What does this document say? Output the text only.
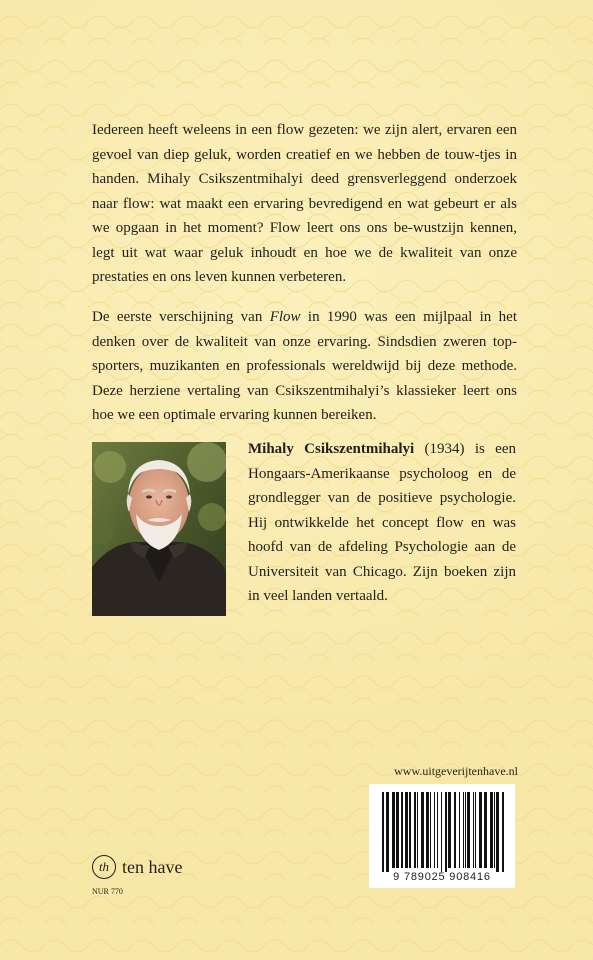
Iedereen heeft weleens in een flow gezeten: we zijn alert, ervaren een gevoel van diep geluk, worden creatief en we hebben de touw-tjes in handen. Mihaly Csikszentmihalyi deed grensverleggend onderzoek naar flow: wat maakt een ervaring bevredigend en wat gebeurt er als we opgaan in het moment? Flow leert ons ons be-wustzijn kennen, legt uit wat waar geluk inhoudt en hoe we de kwaliteit van onze prestaties en ons leven kunnen verbeteren.

De eerste verschijning van Flow in 1990 was een mijlpaal in het denken over de kwaliteit van onze ervaring. Sindsdien zweren top-sporters, muzikanten en professionals wereldwijd bij deze methode. Deze herziene vertaling van Csikszentmihalyi’s klassieker leert ons hoe we een optimale ervaring kunnen bereiken.

Mihaly Csikszentmihalyi (1934) is een
Hongaars-Amerikaanse psycholoog en de
grondlegger van de positieve psychologie.
Hij ontwikkelde het concept flow en was
hoofd van de afdeling Psychologie aan de
Universiteit van Chicago. Zijn boeken zijn
in veel landen vertaald.
www.uitgeverijtenhave.nl
9 789025 908416
th ten have
NUR 770
